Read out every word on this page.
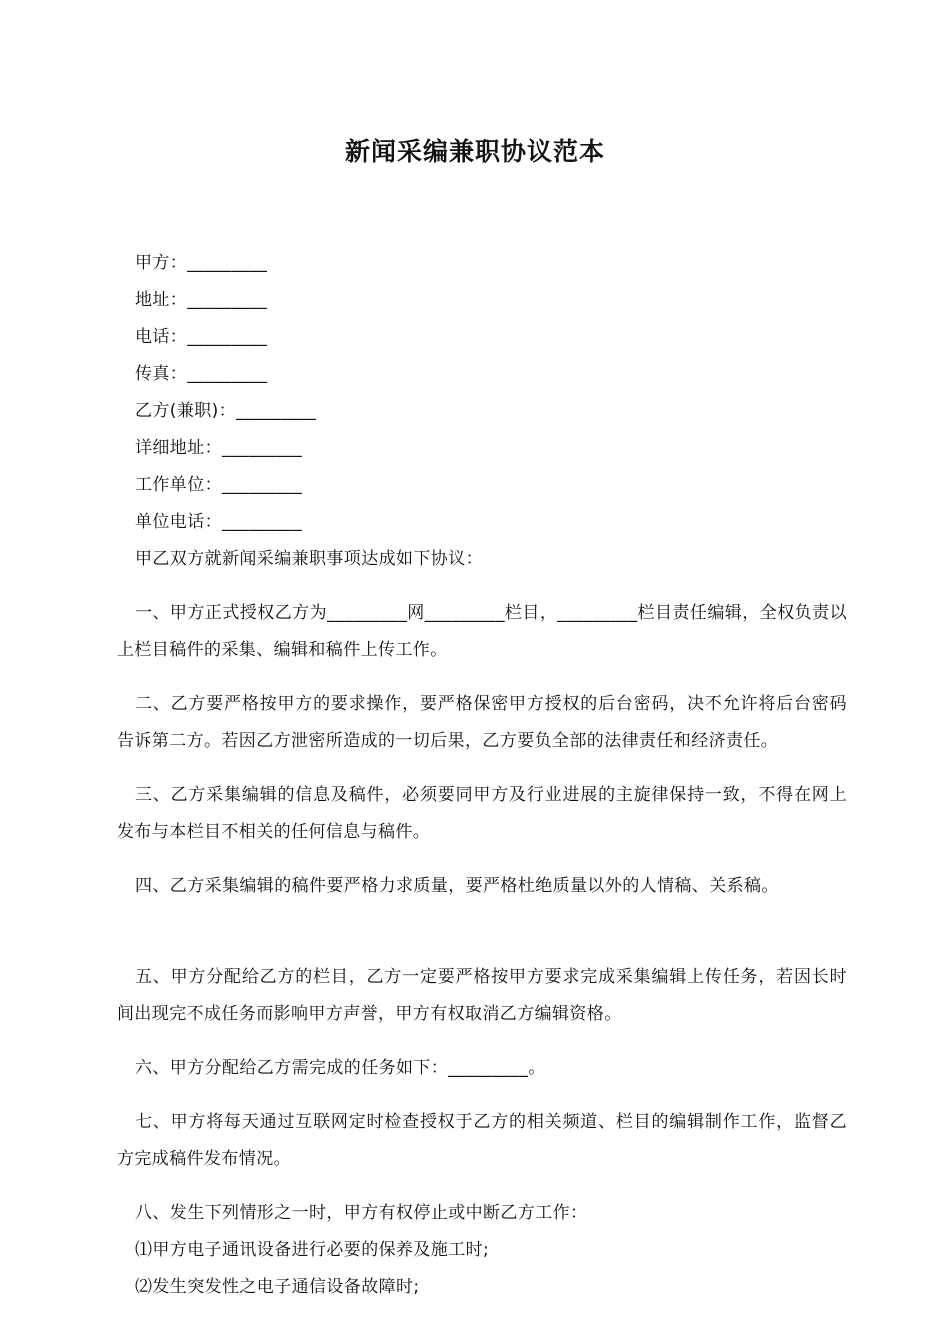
新闻采编兼职协议范本

甲方：_________

地址：_________

电话：_________

传真：_________

乙方(兼职)：_________

详细地址：_________

工作单位：_________

单位电话：_________

甲乙双方就新闻采编兼职事项达成如下协议：

一、甲方正式授权乙方为_________网_________栏目，_________栏目责任编辑，全权负责以上栏目稿件的采集、编辑和稿件上传工作。

二、乙方要严格按甲方的要求操作，要严格保密甲方授权的后台密码，决不允许将后台密码告诉第二方。若因乙方泄密所造成的一切后果，乙方要负全部的法律责任和经济责任。

三、乙方采集编辑的信息及稿件，必须要同甲方及行业进展的主旋律保持一致，不得在网上发布与本栏目不相关的任何信息与稿件。

四、乙方采集编辑的稿件要严格力求质量，要严格杜绝质量以外的人情稿、关系稿。

五、甲方分配给乙方的栏目，乙方一定要严格按甲方要求完成采集编辑上传任务，若因长时间出现完不成任务而影响甲方声誉，甲方有权取消乙方编辑资格。

六、甲方分配给乙方需完成的任务如下：_________。

七、甲方将每天通过互联网定时检查授权于乙方的相关频道、栏目的编辑制作工作，监督乙方完成稿件发布情况。

八、发生下列情形之一时，甲方有权停止或中断乙方工作：

⑴甲方电子通讯设备进行必要的保养及施工时;

⑵发生突发性之电子通信设备故障时;
